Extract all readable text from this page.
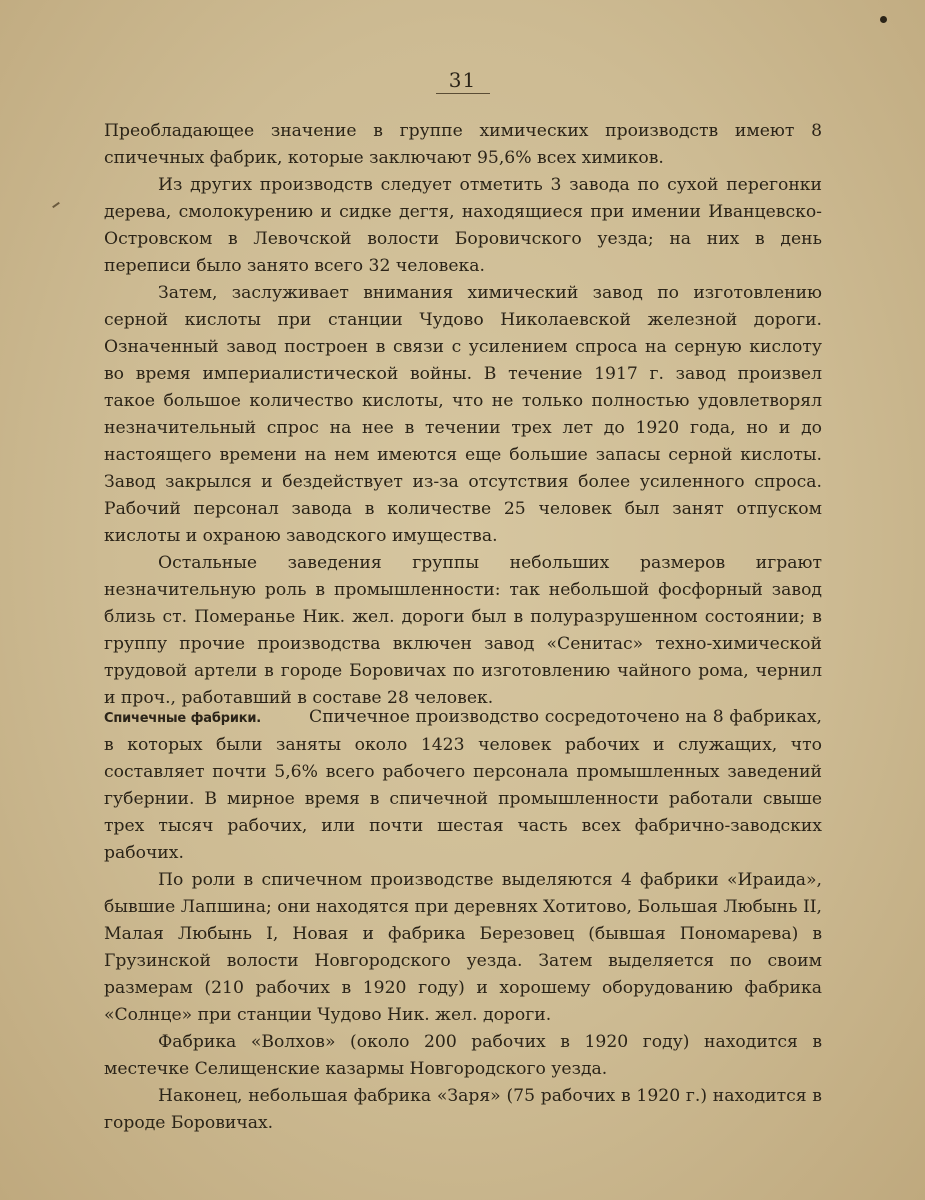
31

Преобладающее значение в группе химических производств имеют 8 спичечных фабрик, которые заключают 95,6% всех химиков.

Из других производств следует отметить 3 завода по сухой перегонки дерева, смолокурению и сидке дегтя, находящиеся при имении Иванцевско-Островском в Левочской волости Боровичского уезда; на них в день переписи было занято всего 32 человека.

Затем, заслуживает внимания химический завод по изготовлению серной кислоты при станции Чудово Николаевской железной дороги. Означенный завод построен в связи с усилением спроса на серную кислоту во время империалистической войны. В течение 1917 г. завод произвел такое большое количество кислоты, что не только полностью удовлетворял незначительный спрос на нее в течении трех лет до 1920 года, но и до настоящего времени на нем имеются еще большие запасы серной кислоты. Завод закрылся и бездействует из-за отсутствия более усиленного спроса. Рабочий персонал завода в количестве 25 человек был занят отпуском кислоты и охраною заводского имущества.

Остальные заведения группы небольших размеров играют незначительную роль в промышленности: так небольшой фосфорный завод близь ст. Померанье Ник. жел. дороги был в полуразрушенном состоянии; в группу прочие производства включен завод «Сенитас» техно-химической трудовой артели в городе Боровичах по изготовлению чайного рома, чернил и проч., работавший в составе 28 человек.

Спичечные фабрики.	Спичечное производство сосредоточено на 8 фабриках, в которых были заняты около 1423 человек рабочих и служащих, что составляет почти 5,6% всего рабочего персонала промышленных заведений губернии. В мирное время в спичечной промышленности работали свыше трех тысяч рабочих, или почти шестая часть всех фабрично-заводских рабочих.

По роли в спичечном производстве выделяются 4 фабрики «Ираида», бывшие Лапшина; они находятся при деревнях Хотитово, Большая Любынь II, Малая Любынь I, Новая и фабрика Березовец (бывшая Пономарева) в Грузинской волости Новгородского уезда. Затем выделяется по своим размерам (210 рабочих в 1920 году) и хорошему оборудованию фабрика «Солнце» при станции Чудово Ник. жел. дороги.

Фабрика «Волхов» (около 200 рабочих в 1920 году) находится в местечке Селищенские казармы Новгородского уезда.

Наконец, небольшая фабрика «Заря» (75 рабочих в 1920 г.) находится в городе Боровичах.
